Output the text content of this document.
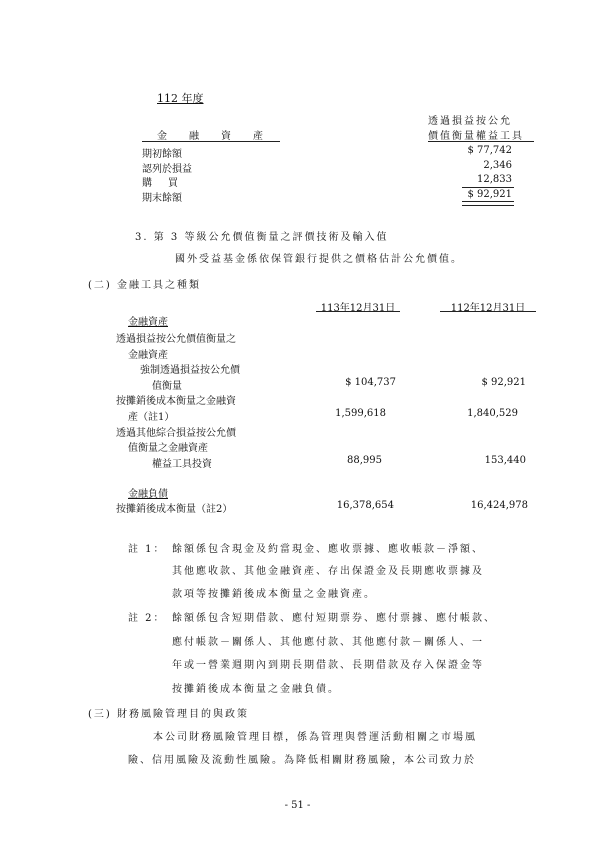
112 年度
透過損益按公允
價值衡量權益工具
金融資產
期初餘額	$ 77,742
認列於損益	2,346
購買	12,833
期末餘額	$ 92,921
3. 第 3 等級公允價值衡量之評價技術及輸入值
國外受益基金係依保管銀行提供之價格估計公允價值。
(二) 金融工具之種類
113年12月31日	112年12月31日
金融資產
透過損益按公允價值衡量之
金融資產
強制透過損益按公允價
值衡量	$ 104,737	$ 92,921
按攤銷後成本衡量之金融資
產（註1）	1,599,618	1,840,529
透過其他綜合損益按公允價
值衡量之金融資產
權益工具投資	88,995	153,440
金融負債
按攤銷後成本衡量（註2）	16,378,654	16,424,978
註 1： 餘額係包含現金及約當現金、應收票據、應收帳款－淨額、
其他應收款、其他金融資產、存出保證金及長期應收票據及
款項等按攤銷後成本衡量之金融資產。
註 2： 餘額係包含短期借款、應付短期票券、應付票據、應付帳款、
應付帳款－關係人、其他應付款、其他應付款－關係人、一
年或一營業週期內到期長期借款、長期借款及存入保證金等
按攤銷後成本衡量之金融負債。
(三) 財務風險管理目的與政策
本公司財務風險管理目標，係為管理與營運活動相關之市場風
險、信用風險及流動性風險。為降低相關財務風險，本公司致力於
- 51 -
